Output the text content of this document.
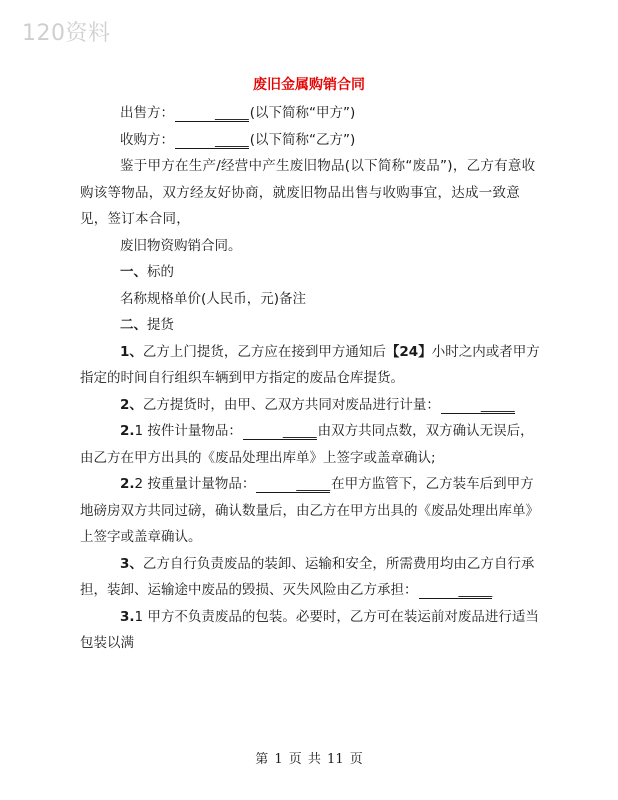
120资料
废旧金属购销合同

出售方：	_____(以下简称“甲方”)

收购方：	_____(以下简称“乙方”)

鉴于甲方在生产/经营中产生废旧物品(以下简称“废品”)，乙方有意收购该等物品，双方经友好协商，就废旧物品出售与收购事宜，达成一致意见，签订本合同，

废旧物资购销合同。

一、标的

名称规格单价(人民币，元)备注

二、提货

1、乙方上门提货，乙方应在接到甲方通知后【24】小时之内或者甲方指定的时间自行组织车辆到甲方指定的废品仓库提货。

2、乙方提货时，由甲、乙双方共同对废品进行计量：	_____

2.1 按件计量物品：	_____由双方共同点数，双方确认无误后，由乙方在甲方出具的《废品处理出库单》上签字或盖章确认;

2.2 按重量计量物品：	_____在甲方监管下，乙方装车后到甲方地磅房双方共同过磅，确认数量后，由乙方在甲方出具的《废品处理出库单》上签字或盖章确认。

3、乙方自行负责废品的装卸、运输和安全，所需费用均由乙方自行承担，装卸、运输途中废品的毁损、灭失风险由乙方承担：	_____

3.1 甲方不负责废品的包装。必要时，乙方可在装运前对废品进行适当包装以满

第 1 页 共 11 页
